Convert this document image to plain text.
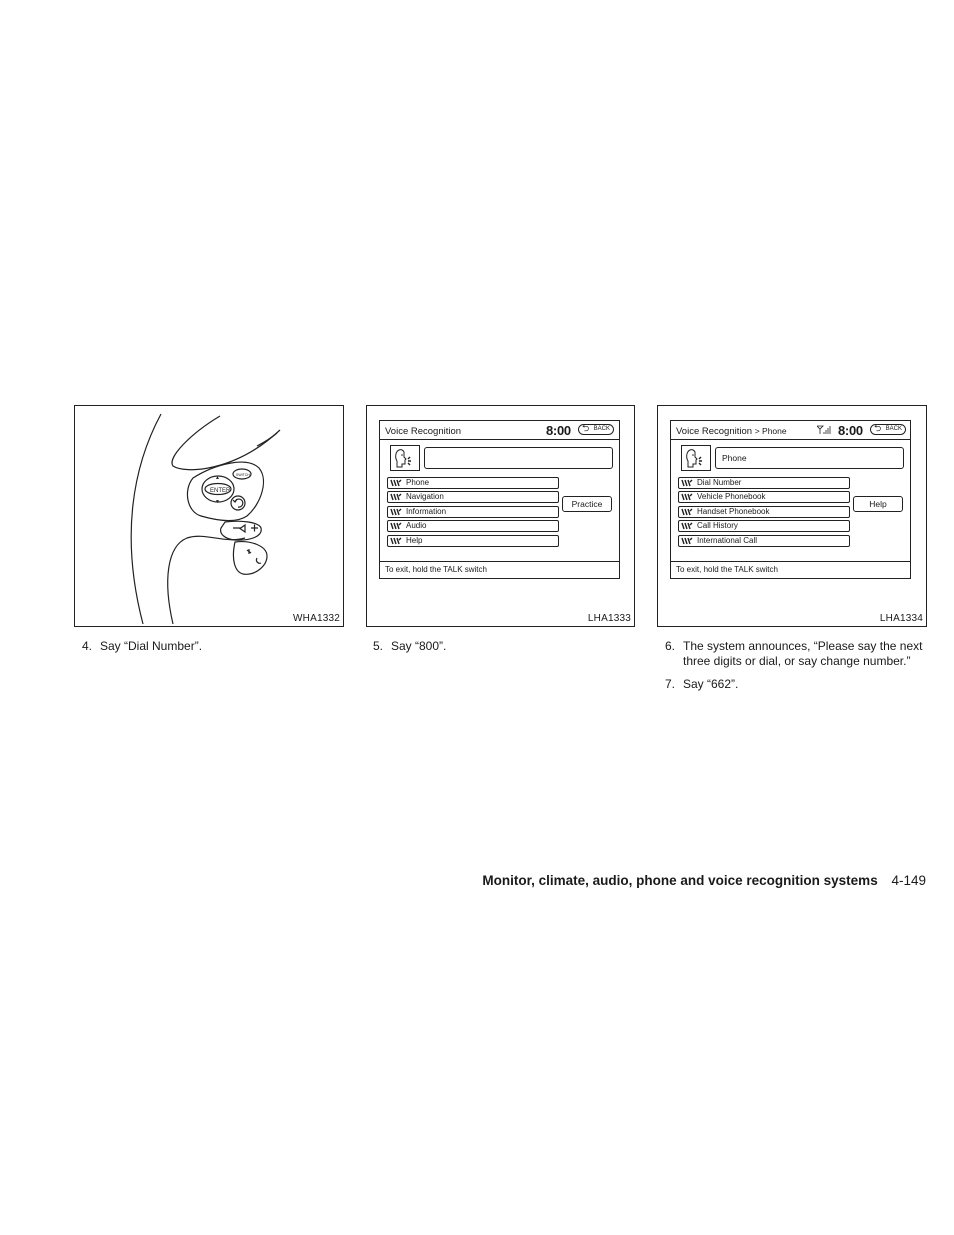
ENTER
SWITCH
▲
▼
WHA1332
Voice Recognition	8:00 ⮌ BACK
Phone
Navigation
Information
Audio
Help
Practice
To exit, hold the TALK switch
LHA1333
Voice Recognition > Phone	8:00 ⮌ BACK
Phone
Dial Number
Vehicle Phonebook
Handset Phonebook
Call History
International Call
Help
To exit, hold the TALK switch
LHA1334
4. Say “Dial Number”.	5. Say “800”.	6. The system announces, “Please say the next three digits or dial, or say change number.”
7. Say “662”.
Monitor, climate, audio, phone and voice recognition systems 4-149
